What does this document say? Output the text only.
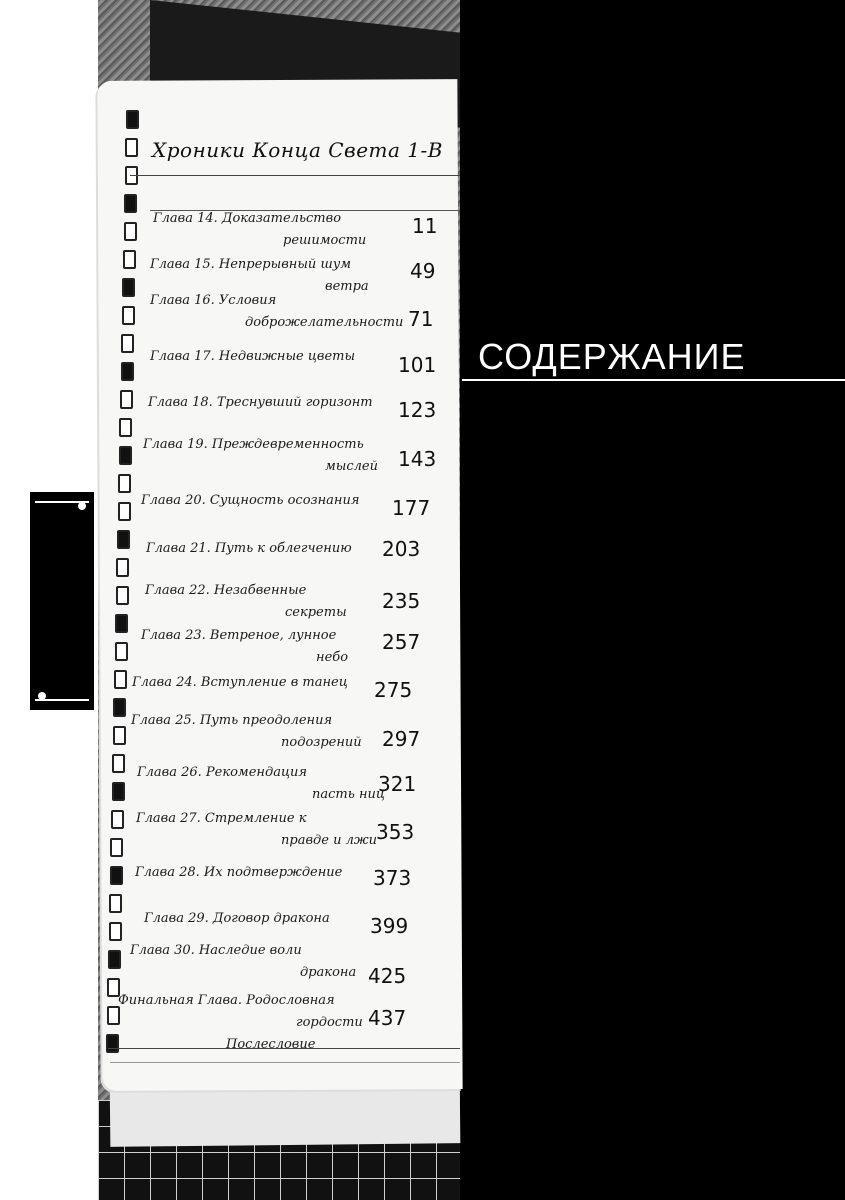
Хроники Конца Света 1-В
Глава 14. Доказательство
решимости
11
Глава 15. Непрерывный шум
ветра
49
Глава 16. Условия
доброжелательности 71
Глава 17. Недвижные цветы 101
Глава 18. Треснувший горизонт 123
Глава 19. Преждевременность
мыслей 143
Глава 20. Сущность осознания 177
Глава 21. Путь к облегчению 203
Глава 22. Незабвенные
секреты 235
Глава 23. Ветреное, лунное
небо
257
Глава 24. Вступление в танец 275
Глава 25. Путь преодоления
подозрений 297
Глава 26. Рекомендация
пасть ниц
321
Глава 27. Стремление к
правде и лжи
353
Глава 28. Их подтверждение 373
Глава 29. Договор дракона 399
Глава 30. Наследие воли
дракона 425
Финальная Глава. Родословная
гордости 437
Послесловие
СОДЕРЖАНИЕ
終末のハーレム
